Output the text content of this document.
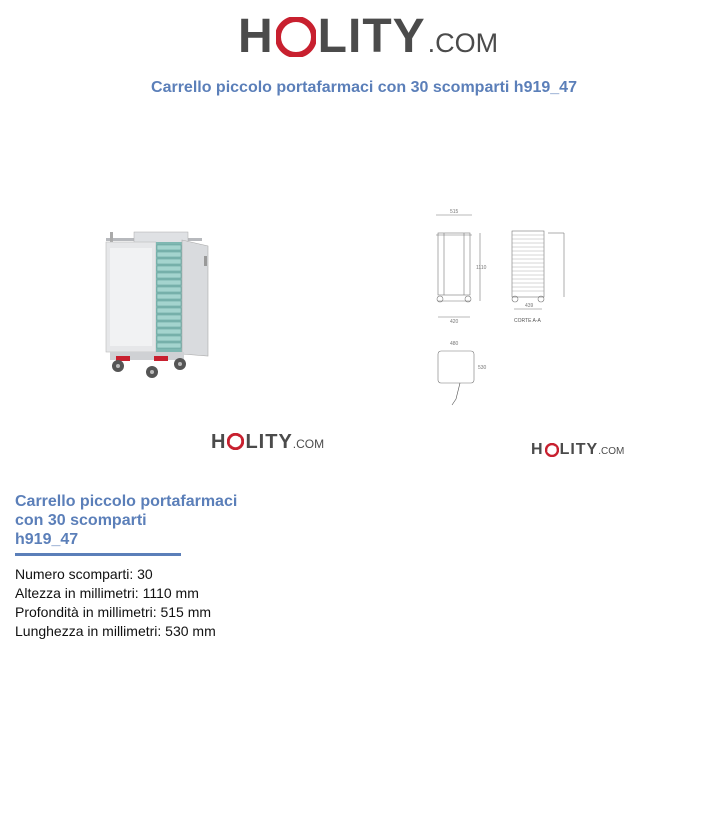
H LITY .COM
Carrello piccolo portafarmaci con 30 scomparti h919_47
515
1110
420
439
CORTE A-A
480
530
H LITY .COM	H LITY .COM
Carrello piccolo portafarmaci
con 30 scomparti
h919_47
Numero scomparti: 30
Altezza in millimetri: 1110 mm
Profondità in millimetri: 515 mm
Lunghezza in millimetri: 530 mm
